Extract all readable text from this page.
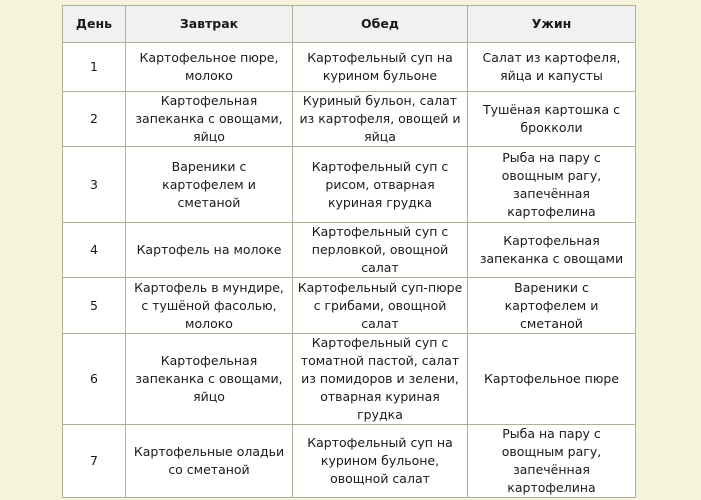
День	Завтрак	Обед	Ужин
1	Картофельное пюре, молоко	Картофельный суп на курином бульоне	Салат из картофеля, яйца и капусты
2	Картофельная запеканка с овощами, яйцо	Куриный бульон, салат из картофеля, овощей и яйца	Тушёная картошка с брокколи
3	Вареники с картофелем и сметаной	Картофельный суп с рисом, отварная куриная грудка	Рыба на пару с овощным рагу, запечённая картофелина
4	Картофель на молоке	Картофельный суп с перловкой, овощной салат	Картофельная запеканка с овощами
5	Картофель в мундире, с тушёной фасолью, молоко	Картофельный суп-пюре с грибами, овощной салат	Вареники с картофелем и сметаной
6	Картофельная запеканка с овощами, яйцо	Картофельный суп с томатной пастой, салат из помидоров и зелени, отварная куриная грудка	Картофельное пюре
7	Картофельные оладьи со сметаной	Картофельный суп на курином бульоне, овощной салат	Рыба на пару с овощным рагу, запечённая картофелина
